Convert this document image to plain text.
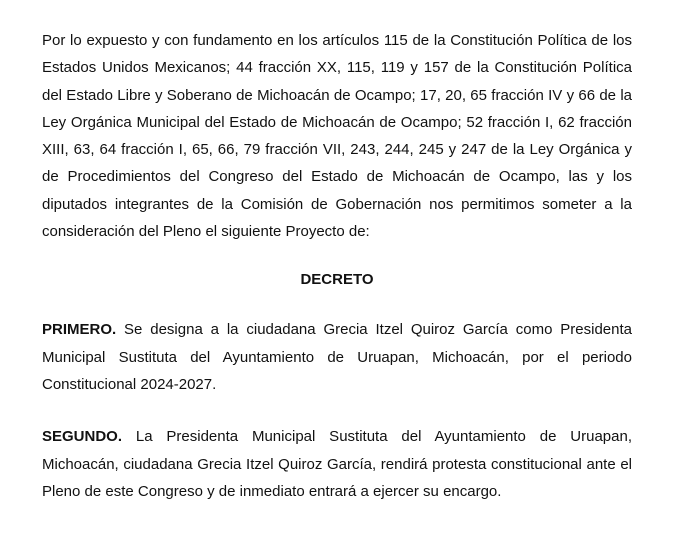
Por lo expuesto y con fundamento en los artículos 115 de la Constitución Política de los Estados Unidos Mexicanos; 44 fracción XX, 115, 119 y 157 de la Constitución Política del Estado Libre y Soberano de Michoacán de Ocampo; 17, 20, 65 fracción IV y 66 de la Ley Orgánica Municipal del Estado de Michoacán de Ocampo; 52 fracción I, 62 fracción XIII, 63, 64 fracción I, 65, 66, 79 fracción VII, 243, 244, 245 y 247 de la Ley Orgánica y de Procedimientos del Congreso del Estado de Michoacán de Ocampo, las y los diputados integrantes de la Comisión de Gobernación nos permitimos someter a la consideración del Pleno el siguiente Proyecto de:

DECRETO

PRIMERO. Se designa a la ciudadana Grecia Itzel Quiroz García como Presidenta Municipal Sustituta del Ayuntamiento de Uruapan, Michoacán, por el periodo Constitucional 2024-2027.

SEGUNDO. La Presidenta Municipal Sustituta del Ayuntamiento de Uruapan, Michoacán, ciudadana Grecia Itzel Quiroz García, rendirá protesta constitucional ante el Pleno de este Congreso y de inmediato entrará a ejercer su encargo.
